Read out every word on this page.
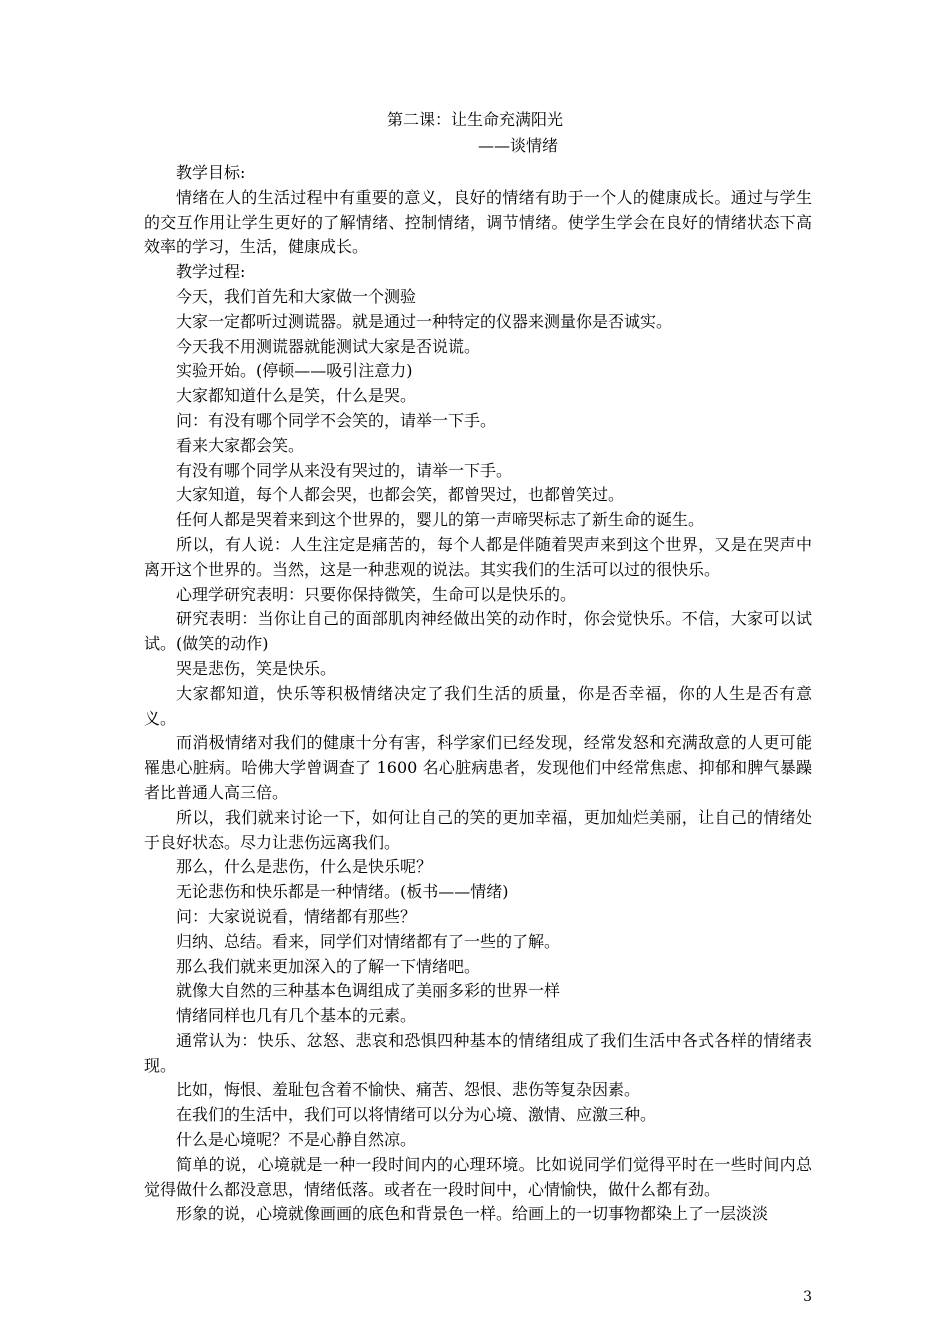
第二课：让生命充满阳光
——谈情绪

教学目标:

情绪在人的生活过程中有重要的意义，良好的情绪有助于一个人的健康成长。通过与学生的交互作用让学生更好的了解情绪、控制情绪，调节情绪。使学生学会在良好的情绪状态下高效率的学习，生活，健康成长。

教学过程:

今天，我们首先和大家做一个测验

大家一定都听过测谎器。就是通过一种特定的仪器来测量你是否诚实。

今天我不用测谎器就能测试大家是否说谎。

实验开始。(停顿——吸引注意力)

大家都知道什么是笑，什么是哭。

问：有没有哪个同学不会笑的，请举一下手。

看来大家都会笑。

有没有哪个同学从来没有哭过的，请举一下手。

大家知道，每个人都会哭，也都会笑，都曾哭过，也都曾笑过。

任何人都是哭着来到这个世界的，婴儿的第一声啼哭标志了新生命的诞生。

所以，有人说：人生注定是痛苦的，每个人都是伴随着哭声来到这个世界，又是在哭声中离开这个世界的。当然，这是一种悲观的说法。其实我们的生活可以过的很快乐。

心理学研究表明：只要你保持微笑，生命可以是快乐的。

研究表明：当你让自己的面部肌肉神经做出笑的动作时，你会觉快乐。不信，大家可以试试。(做笑的动作)

哭是悲伤，笑是快乐。

大家都知道，快乐等积极情绪决定了我们生活的质量，你是否幸福，你的人生是否有意义。

而消极情绪对我们的健康十分有害，科学家们已经发现，经常发怒和充满敌意的人更可能罹患心脏病。哈佛大学曾调查了 1600 名心脏病患者，发现他们中经常焦虑、抑郁和脾气暴躁者比普通人高三倍。

所以，我们就来讨论一下，如何让自己的笑的更加幸福，更加灿烂美丽，让自己的情绪处于良好状态。尽力让悲伤远离我们。

那么，什么是悲伤，什么是快乐呢？

无论悲伤和快乐都是一种情绪。(板书——情绪)

问：大家说说看，情绪都有那些？

归纳、总结。看来，同学们对情绪都有了一些的了解。

那么我们就来更加深入的了解一下情绪吧。

就像大自然的三种基本色调组成了美丽多彩的世界一样

情绪同样也几有几个基本的元素。

通常认为：快乐、忿怒、悲哀和恐惧四种基本的情绪组成了我们生活中各式各样的情绪表现。

比如，悔恨、羞耻包含着不愉快、痛苦、怨恨、悲伤等复杂因素。

在我们的生活中，我们可以将情绪可以分为心境、激情、应激三种。

什么是心境呢？不是心静自然凉。

简单的说，心境就是一种一段时间内的心理环境。比如说同学们觉得平时在一些时间内总觉得做什么都没意思，情绪低落。或者在一段时间中，心情愉快，做什么都有劲。

形象的说，心境就像画画的底色和背景色一样。给画上的一切事物都染上了一层淡淡

3
